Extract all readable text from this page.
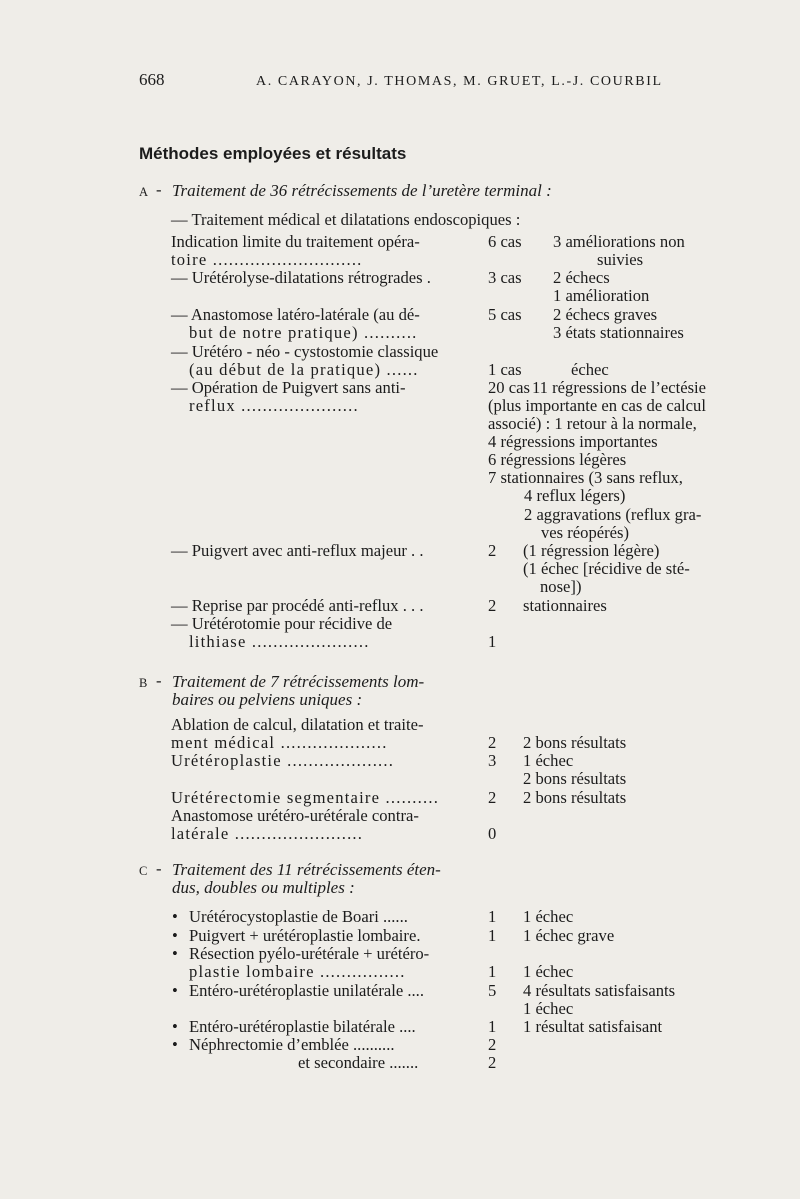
668	A. CARAYON, J. THOMAS, M. GRUET, L.-J. COURBIL
Méthodes employées et résultats
A - Traitement de 36 rétrécissements de l’uretère terminal :
— Traitement médical et dilatations endoscopiques :
Indication limite du traitement opéra-
toire ............................
6 cas 3 améliorations non
suivies
— Urétérolyse-dilatations rétrogrades .	3 cas 2 échecs
1 amélioration
— Anastomose latéro-latérale (au dé-
but de notre pratique) ..........
5 cas 2 échecs graves
3 états stationnaires
— Urétéro - néo - cystostomie classique
(au début de la pratique) ......	1 cas	échec
— Opération de Puigvert sans anti-
reflux ......................
20 cas 11 régressions de l’ectésie
(plus importante en cas de calcul
associé) : 1 retour à la normale,
4 régressions importantes
6 régressions légères
7 stationnaires (3 sans reflux,
4 reflux légers)
2 aggravations (reflux gra-
ves réopérés)
— Puigvert avec anti-reflux majeur . .	2 (1 régression légère)
(1 échec [récidive de sté-
nose])
— Reprise par procédé anti-reflux . . .	2 stationnaires
— Urétérotomie pour récidive de
lithiase ......................	1
B - Traitement de 7 rétrécissements lom-
baires ou pelviens uniques :
Ablation de calcul, dilatation et traite-
ment médical ....................	2 2 bons résultats
Urétéroplastie ....................	3 1 échec
2 bons résultats
Urétérectomie segmentaire ..........	2 2 bons résultats
Anastomose urétéro-urétérale contra-
latérale ........................	0
C - Traitement des 11 rétrécissements éten-
dus, doubles ou multiples :
• Urétérocystoplastie de Boari ......	1 1 échec
• Puigvert + urétéroplastie lombaire.	1 1 échec grave
• Résection pyélo-urétérale + urétéro-
plastie lombaire ................	1 1 échec
• Entéro-urétéroplastie unilatérale ....	5 4 résultats satisfaisants
1 échec
• Entéro-urétéroplastie bilatérale ....	1 1 résultat satisfaisant
• Néphrectomie d’emblée ..........	2
et secondaire .......	2
